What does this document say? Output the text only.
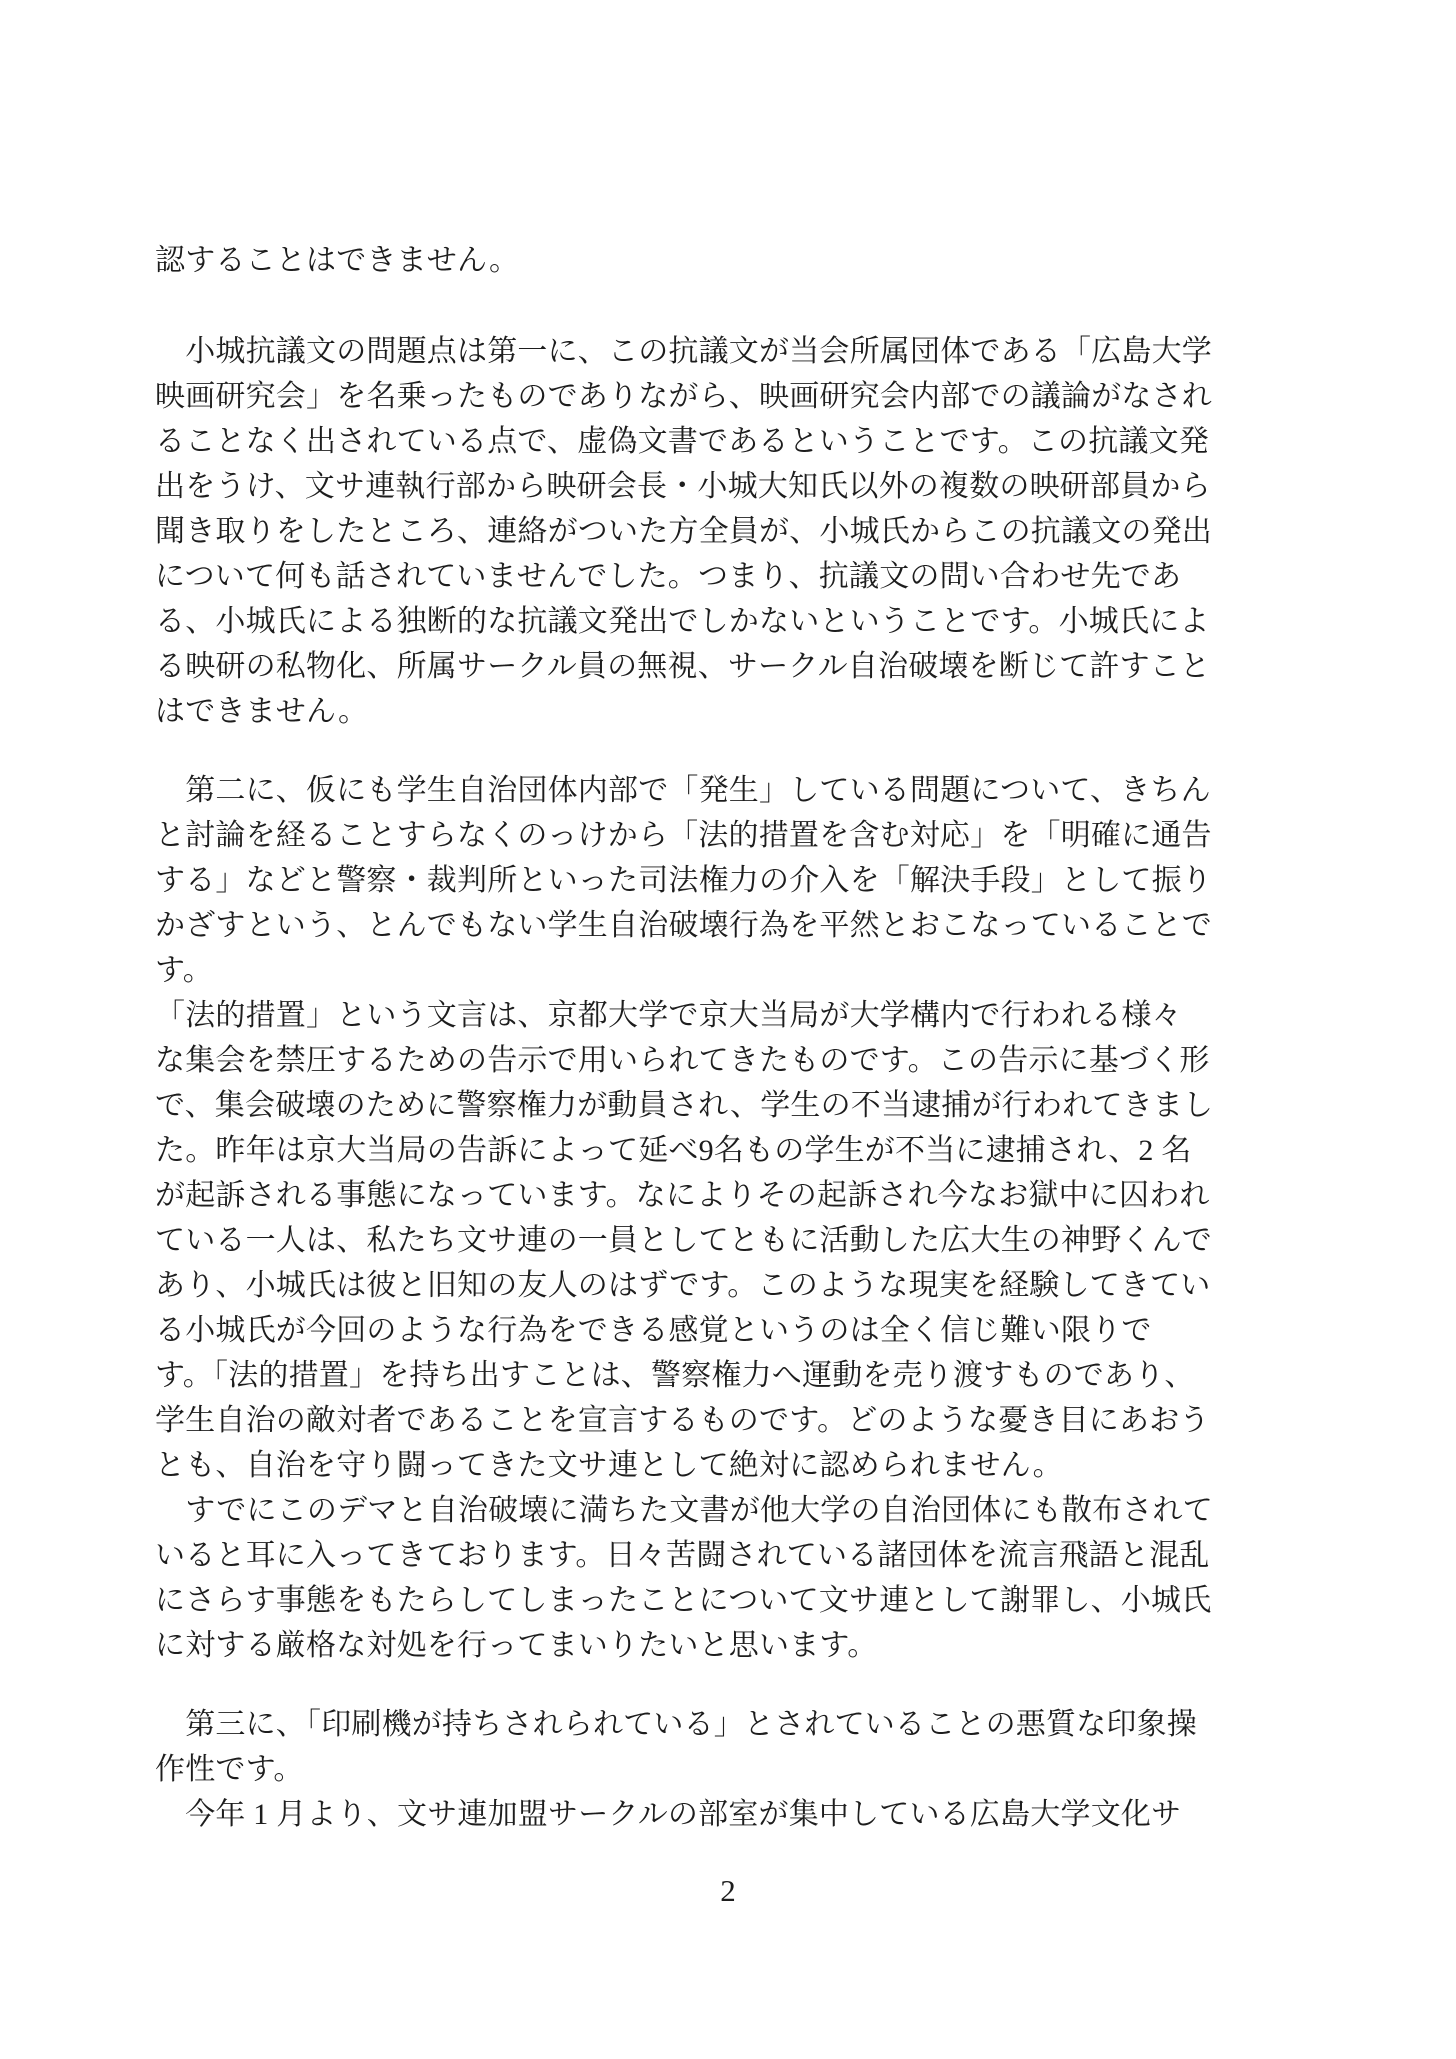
認することはできません。
　小城抗議文の問題点は第一に、この抗議文が当会所属団体である「広島大学
映画研究会」を名乗ったものでありながら、映画研究会内部での議論がなされ
ることなく出されている点で、虚偽文書であるということです。この抗議文発
出をうけ、文サ連執行部から映研会長・小城大知氏以外の複数の映研部員から
聞き取りをしたところ、連絡がついた方全員が、小城氏からこの抗議文の発出
について何も話されていませんでした。つまり、抗議文の問い合わせ先であ
る、小城氏による独断的な抗議文発出でしかないということです。小城氏によ
る映研の私物化、所属サークル員の無視、サークル自治破壊を断じて許すこと
はできません。
　第二に、仮にも学生自治団体内部で「発生」している問題について、きちん
と討論を経ることすらなくのっけから「法的措置を含む対応」を「明確に通告
する」などと警察・裁判所といった司法権力の介入を「解決手段」として振り
かざすという、とんでもない学生自治破壊行為を平然とおこなっていることで
す。
「法的措置」という文言は、京都大学で京大当局が大学構内で行われる様々
な集会を禁圧するための告示で用いられてきたものです。この告示に基づく形
で、集会破壊のために警察権力が動員され、学生の不当逮捕が行われてきまし
た。昨年は京大当局の告訴によって延べ9名もの学生が不当に逮捕され、2 名
が起訴される事態になっています。なによりその起訴され今なお獄中に囚われ
ている一人は、私たち文サ連の一員としてともに活動した広大生の神野くんで
あり、小城氏は彼と旧知の友人のはずです。このような現実を経験してきてい
る小城氏が今回のような行為をできる感覚というのは全く信じ難い限りで
す。「法的措置」を持ち出すことは、警察権力へ運動を売り渡すものであり、
学生自治の敵対者であることを宣言するものです。どのような憂き目にあおう
とも、自治を守り闘ってきた文サ連として絶対に認められません。
　すでにこのデマと自治破壊に満ちた文書が他大学の自治団体にも散布されて
いると耳に入ってきております。日々苦闘されている諸団体を流言飛語と混乱
にさらす事態をもたらしてしまったことについて文サ連として謝罪し、小城氏
に対する厳格な対処を行ってまいりたいと思います。
　第三に、「印刷機が持ちされられている」とされていることの悪質な印象操
作性です。
　今年 1 月より、文サ連加盟サークルの部室が集中している広島大学文化サ
2
